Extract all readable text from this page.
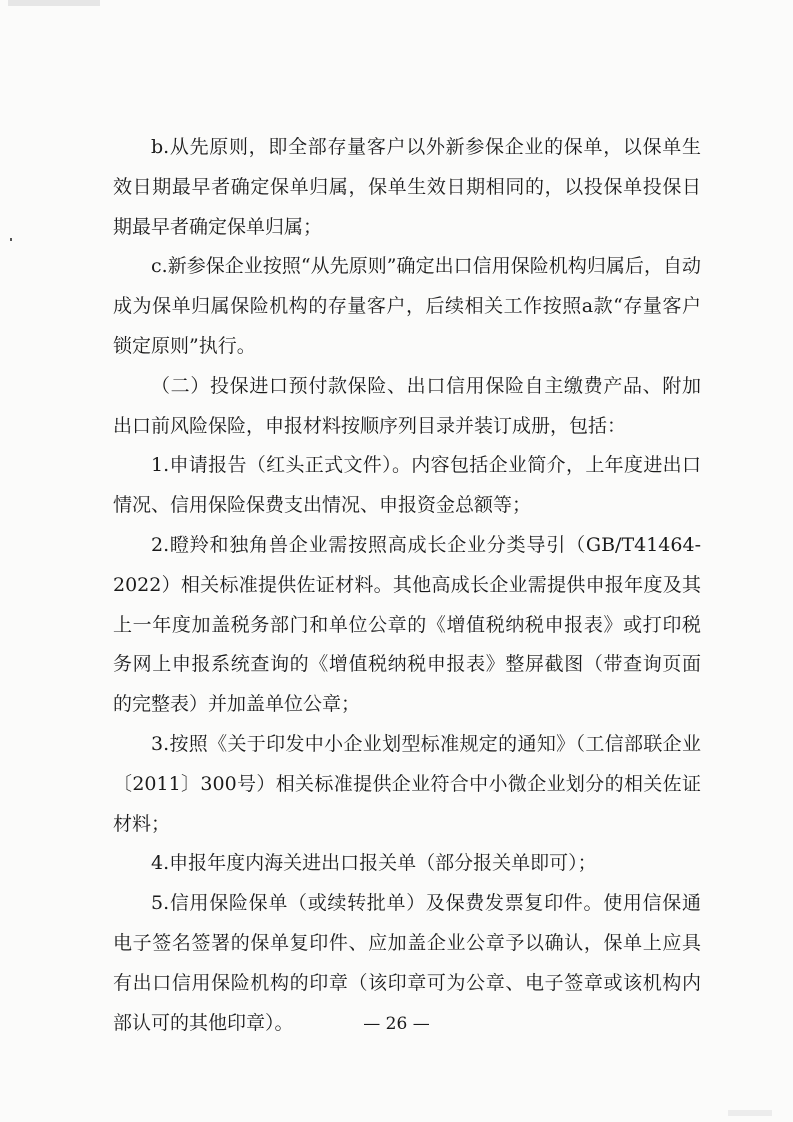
b.从先原则，即全部存量客户以外新参保企业的保单，以保单生效日期最早者确定保单归属，保单生效日期相同的，以投保单投保日期最早者确定保单归属；

c.新参保企业按照“从先原则”确定出口信用保险机构归属后，自动成为保单归属保险机构的存量客户，后续相关工作按照a款“存量客户锁定原则”执行。

（二）投保进口预付款保险、出口信用保险自主缴费产品、附加出口前风险保险，申报材料按顺序列目录并装订成册，包括：

1.申请报告（红头正式文件）。内容包括企业简介，上年度进出口情况、信用保险保费支出情况、申报资金总额等；

2.瞪羚和独角兽企业需按照高成长企业分类导引（GB/T41464-2022）相关标准提供佐证材料。其他高成长企业需提供申报年度及其上一年度加盖税务部门和单位公章的《增值税纳税申报表》或打印税务网上申报系统查询的《增值税纳税申报表》整屏截图（带查询页面的完整表）并加盖单位公章；

3.按照《关于印发中小企业划型标准规定的通知》（工信部联企业〔2011〕300号）相关标准提供企业符合中小微企业划分的相关佐证材料；

4.申报年度内海关进出口报关单（部分报关单即可）；

5.信用保险保单（或续转批单）及保费发票复印件。使用信保通电子签名签署的保单复印件、应加盖企业公章予以确认，保单上应具有出口信用保险机构的印章（该印章可为公章、电子签章或该机构内部认可的其他印章）。	— 26 —
